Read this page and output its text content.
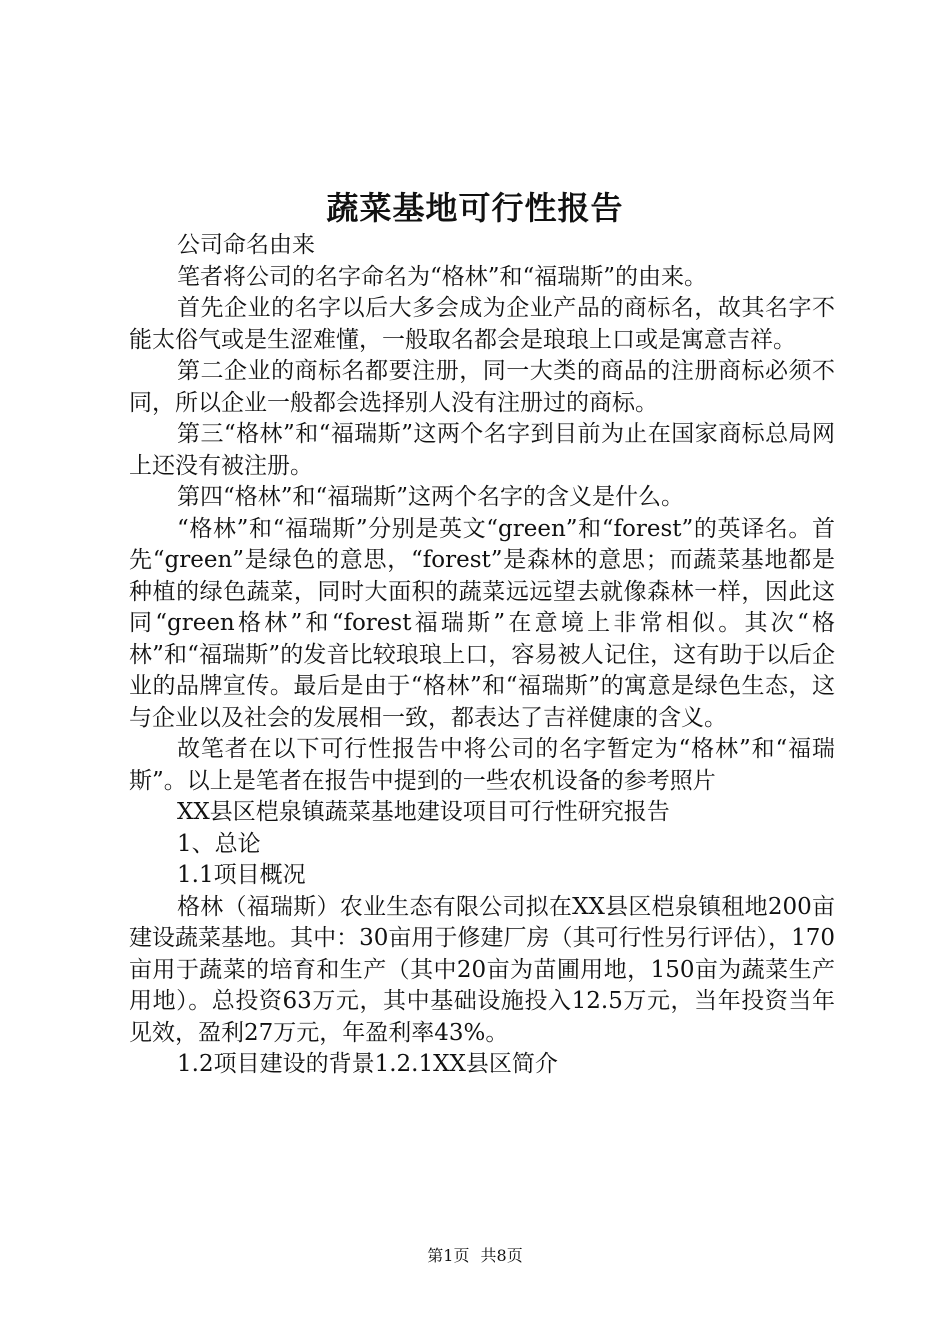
蔬菜基地可行性报告

公司命名由来

笔者将公司的名字命名为“格林”和“福瑞斯”的由来。

首先企业的名字以后大多会成为企业产品的商标名，故其名字不能太俗气或是生涩难懂，一般取名都会是琅琅上口或是寓意吉祥。

第二企业的商标名都要注册，同一大类的商品的注册商标必须不同，所以企业一般都会选择别人没有注册过的商标。

第三“格林”和“福瑞斯”这两个名字到目前为止在国家商标总局网上还没有被注册。

第四“格林”和“福瑞斯”这两个名字的含义是什么。

“格林”和“福瑞斯”分别是英文“green”和“forest”的英译名。首先“green”是绿色的意思，“forest”是森林的意思；而蔬菜基地都是种植的绿色蔬菜，同时大面积的蔬菜远远望去就像森林一样，因此这同“green格林”和“forest福瑞斯”在意境上非常相似。其次“格林”和“福瑞斯”的发音比较琅琅上口，容易被人记住，这有助于以后企业的品牌宣传。最后是由于“格林”和“福瑞斯”的寓意是绿色生态，这与企业以及社会的发展相一致，都表达了吉祥健康的含义。

故笔者在以下可行性报告中将公司的名字暂定为“格林”和“福瑞斯”。以上是笔者在报告中提到的一些农机设备的参考照片

XX县区桤泉镇蔬菜基地建设项目可行性研究报告

1、总论

1.1项目概况

格林（福瑞斯）农业生态有限公司拟在XX县区桤泉镇租地200亩建设蔬菜基地。其中：30亩用于修建厂房（其可行性另行评估），170亩用于蔬菜的培育和生产（其中20亩为苗圃用地，150亩为蔬菜生产用地）。总投资63万元，其中基础设施投入12.5万元，当年投资当年见效，盈利27万元，年盈利率43%。

1.2项目建设的背景1.2.1XX县区简介

第1页 共8页
